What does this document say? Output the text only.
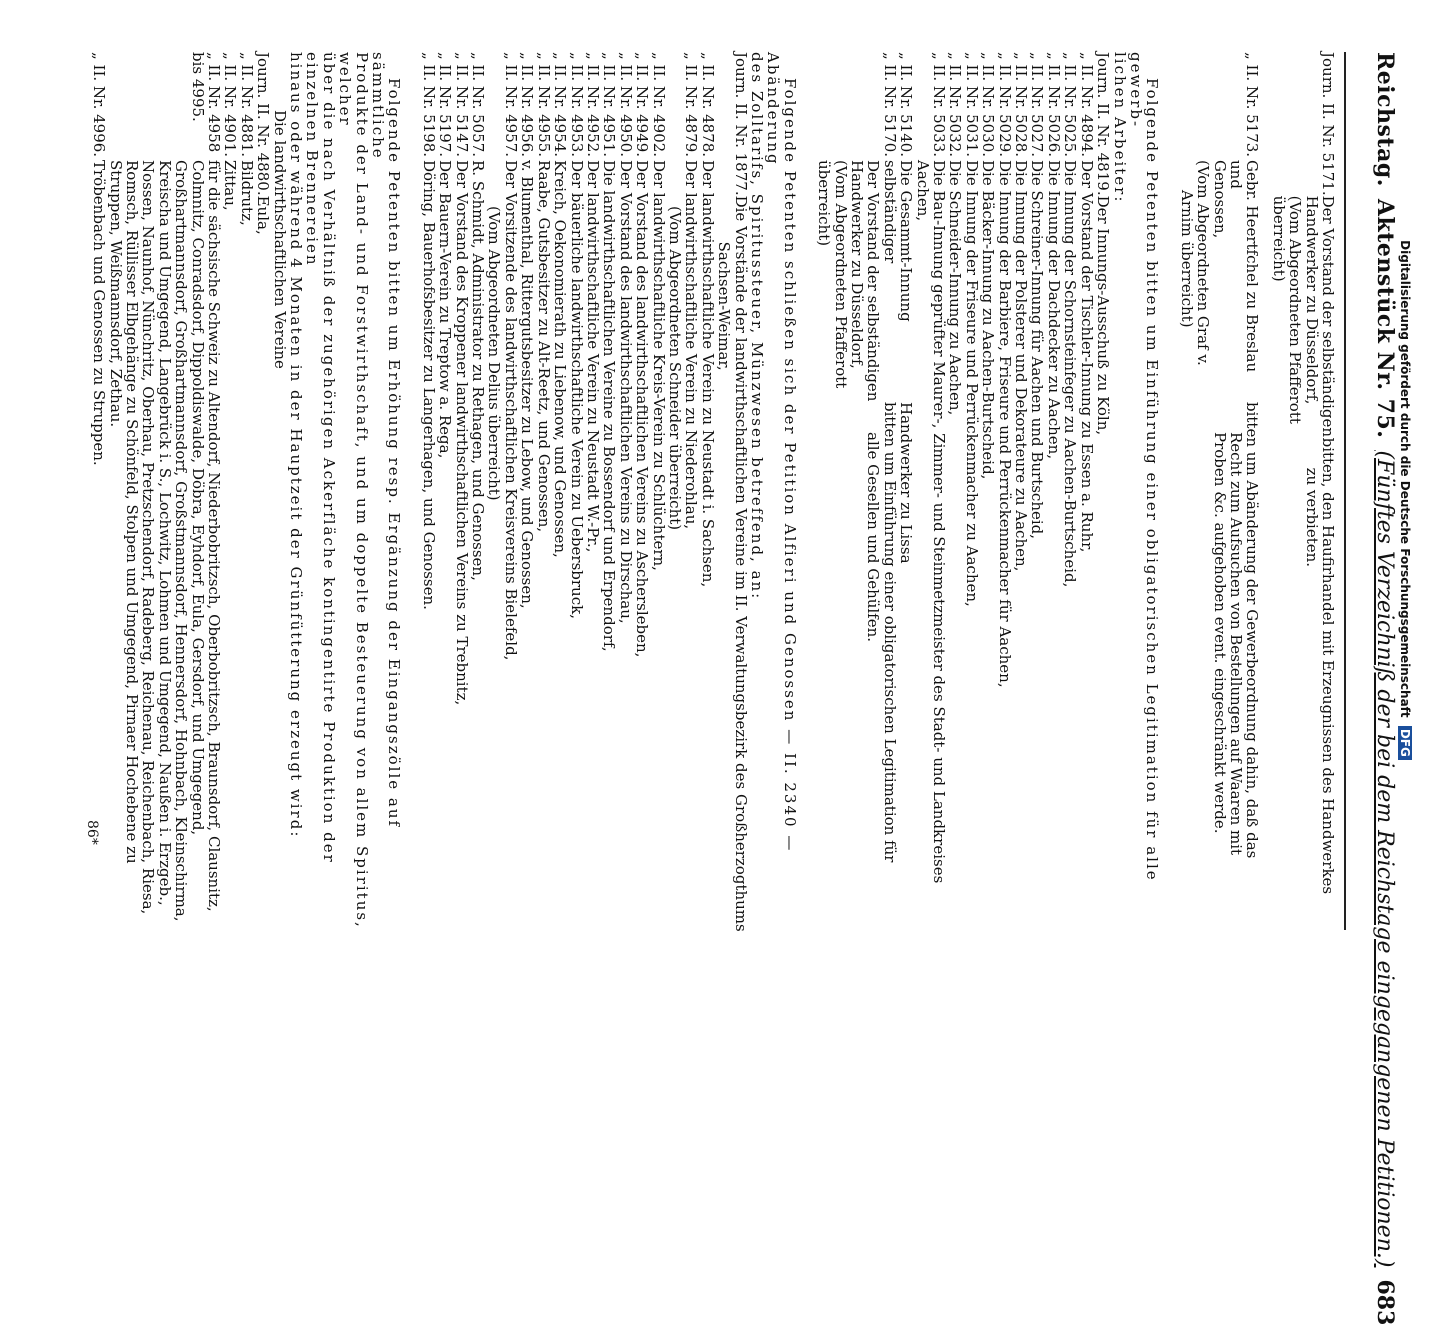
Reichstag.
Aktenstück Nr. 75.
(Fünftes Verzeichniß der bei dem Reichstage eingegangenen Petitionen.)
683
Journ. II. Nr. 5171.
Der Vorstand der selbständigen
Handwerker zu Düsseldorf,
(Vom Abgeordneten Pfafferott
überreicht)
bitten, den Haufirhandel mit Erzeugnissen des Handwerkes
zu verbieten.
„ II. Nr. 5173.
Gebr. Heertfchel zu Breslau und
Genossen,
(Vom Abgeordneten Graf v.
Arnim überreicht)
bitten um Abänderung der Gewerbeordnung dahin, daß das
Recht zum Aufsuchen von Bestellungen auf Waaren mit
Proben &c. aufgehoben event. eingeschränkt werde.
Folgende Petenten bitten um Einführung einer obligatorischen Legitimation für alle gewerb-
lichen Arbeiter:
Journ. II. Nr. 4819.
Der Innungs-Ausschuß zu Köln,
„ II. Nr. 4894.
Der Vorstand der Tischler-Innung zu Essen a. Ruhr,
„ II. Nr. 5025.
Die Innung der Schornsteinfeger zu Aachen-Burtscheid,
„ II. Nr. 5026.
Die Innung der Dachdecker zu Aachen,
„ II. Nr. 5027.
Die Schreiner-Innung für Aachen und Burtscheid,
„ II. Nr. 5028.
Die Innung der Polsterer und Dekorateure zu Aachen,
„ II. Nr. 5029.
Die Innung der Barbiere, Friseure und Perrückenmacher für Aachen,
„ II. Nr. 5030.
Die Bäcker-Innung zu Aachen-Burtscheid,
„ II. Nr. 5031.
Die Innung der Friseure und Perrückenmacher zu Aachen,
„ II. Nr. 5032.
Die Schneider-Innung zu Aachen,
„ II. Nr. 5033.
Die Bau-Innung geprüfter Maurer-, Zimmer- und Steinmetzmeister des Stadt- und Landkreises
Aachen,
„ II. Nr. 5140.
„ II. Nr. 5170.
Die Gesammt-Innung selbständiger
Der Vorstand der selbständigen
Handwerker zu Düsseldorf,
(Vom Abgeordneten Pfafferott
überreicht)
Handwerker zu Lissa
bitten um Einführung einer obligatorischen Legitimation für
alle Gesellen und Gehülfen.
Folgende Petenten schließen sich der Petition Alfieri und Genossen — II. 2340 — Abänderung
des Zolltarifs, Spiritussteuer, Münzwesen betreffend, an:
Journ. II. Nr. 1877.
Die Vorstände der landwirthschaftlichen Vereine im II. Verwaltungsbezirk des Großherzogthums
Sachsen-Weimar,
„ II. Nr. 4878.
Der landwirthschaftliche Verein zu Neustadt i. Sachsen,
„ II. Nr. 4879.
Der landwirthschaftliche Verein zu Niederohlau,
(Vom Abgeordneten Schneider überreicht)
„ II. Nr. 4902.
Der landwirthschaftliche Kreis-Verein zu Schlüchtern,
„ II. Nr. 4949.
Der Vorstand des landwirthschaftlichen Vereins zu Aschersleben,
„ II. Nr. 4950.
Der Vorstand des landwirthschaftlichen Vereins zu Dirschau,
„ II. Nr. 4951.
Die landwirthschaftlichen Vereine zu Bossendorf und Erpendorf,
„ II. Nr. 4952.
Der landwirthschaftliche Verein zu Neustadt W.-Pr.,
„ II. Nr. 4953.
Der bäuerliche landwirthschaftliche Verein zu Uebersbruck,
„ II. Nr. 4954.
Kreich, Oekonomierath zu Liebenow, und Genossen,
„ II. Nr. 4955.
Raabe, Gutsbesitzer zu Alt-Reetz, und Genossen,
„ II. Nr. 4956.
v. Blumenthal, Rittergutsbesitzer zu Lebow, und Genossen,
„ II. Nr. 4957.
Der Vorsitzende des landwirthschaftlichen Kreisvereins Bielefeld,
(Vom Abgeordneten Delius überreicht)
„ II. Nr. 5057.
R. Schmidt, Administrator zu Rethagen, und Genossen,
„ II. Nr. 5147.
Der Vorstand des Kroppener landwirthschaftlichen Vereins zu Trebnitz,
„ II. Nr. 5197.
Der Bauern-Verein zu Treptow a. Rega,
„ II. Nr. 5198.
Döring, Bauerhofsbesitzer zu Langerhagen, und Genossen.
Folgende Petenten bitten um Erhöhung resp. Ergänzung der Eingangszölle auf sämmtliche
Produkte der Land- und Forstwirthschaft, und um doppelte Besteuerung von allem Spiritus, welcher
über die nach Verhältniß der zugehörigen Ackerfläche kontingentirte Produktion der einzelnen Brennereien
hinaus oder während 4 Monaten in der Hauptzeit der Grünfütterung erzeugt wird:
Die landwirthschaftlichen Vereine
Journ. II. Nr. 4880.
Eula,
„ II. Nr. 4881.
Bildrutz,
„ II. Nr. 4901.
Zittau,
„ II. Nr. 4958
für die sächsische Schweiz zu Altendorf, Niederbobritzsch, Oberbobritzsch, Braunsdorf, Clausnitz,
bis 4995.
Colmnitz, Conradsdorf, Dippoldiswalde, Döbra, Eyhdorf, Eula, Gersdorf, und Umgegend,
Großhartmannsdorf, Großhartmannsdorf, Großstmannsdorf, Hennersdorf, Hohnbach, Kleinschirma,
Kreischa und Umgegend, Langebrück i. S., Lochwitz, Lohmen und Umgegend, Naußen i. Erzgeb.,
Nossen, Naunhof, Nünchritz, Oberhau, Pretzschendorf, Radeberg, Reichenau, Reichenbach, Riesa,
Romsch, Rüllisser Elbgehänge zu Schönfeld, Stolpen und Umgegend, Pirnaer Hochebene zu
Struppen, Weißmannsdorf, Zethau.
„ II. Nr. 4996.
Tröbenbach und Genossen zu Struppen.
86*
Digitalisierung gefördert durch die Deutsche Forschungsgemeinschaft DFG
